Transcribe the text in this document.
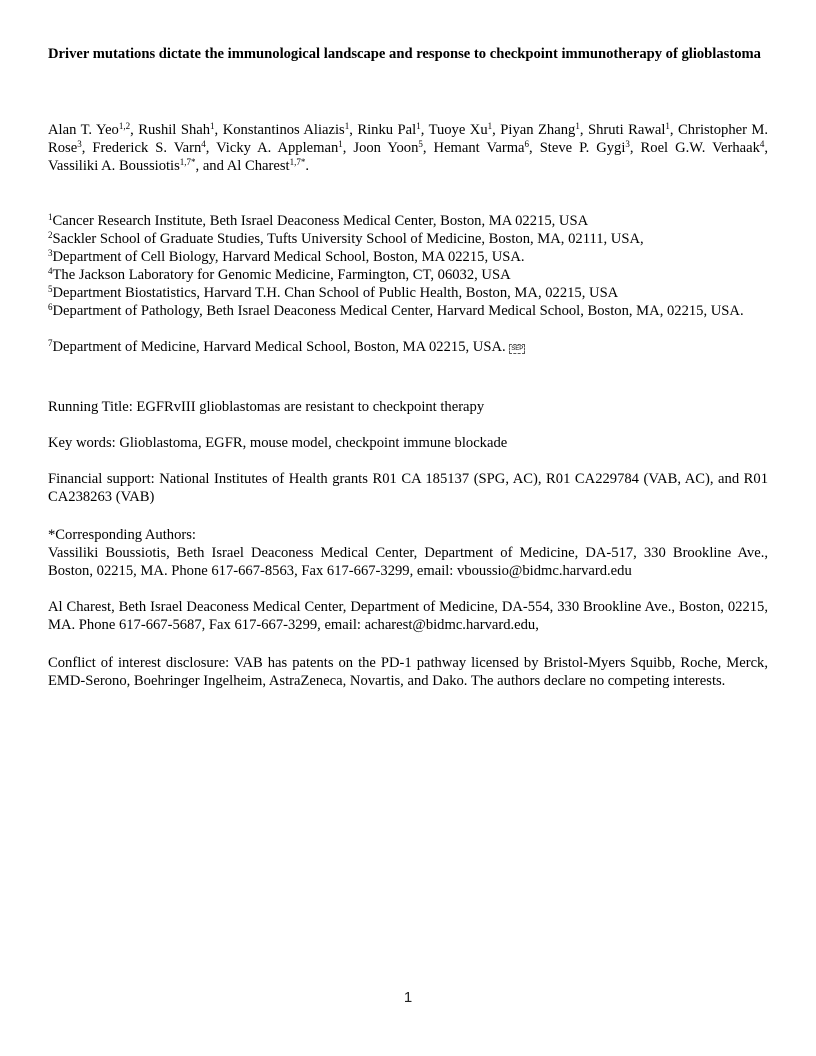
Driver mutations dictate the immunological landscape and response to checkpoint immunotherapy of glioblastoma
Alan T. Yeo$^{1,2}$, Rushil Shah$^1$, Konstantinos Aliazis$^1$, Rinku Pal$^1$, Tuoye Xu$^1$, Piyan Zhang$^1$, Shruti Rawal$^1$, Christopher M. Rose$^3$, Frederick S. Varn$^4$, Vicky A. Appleman$^1$, Joon Yoon$^5$, Hemant Varma$^6$, Steve P. Gygi$^3$, Roel G.W. Verhaak$^4$, Vassiliki A. Boussiotis$^{1,7*}$, and Al Charest$^{1,7*}$.
$^1$Cancer Research Institute, Beth Israel Deaconess Medical Center, Boston, MA 02215, USA
$^2$Sackler School of Graduate Studies, Tufts University School of Medicine, Boston, MA, 02111, USA,
$^3$Department of Cell Biology, Harvard Medical School, Boston, MA 02215, USA.
$^4$The Jackson Laboratory for Genomic Medicine, Farmington, CT, 06032, USA
$^5$Department Biostatistics, Harvard T.H. Chan School of Public Health, Boston, MA, 02215, USA
$^6$Department of Pathology, Beth Israel Deaconess Medical Center, Harvard Medical School, Boston, MA, 02215, USA.
$^7$Department of Medicine, Harvard Medical School, Boston, MA 02215, USA. SEP
Running Title: EGFRvIII glioblastomas are resistant to checkpoint therapy
Key words: Glioblastoma, EGFR, mouse model, checkpoint immune blockade
Financial support: National Institutes of Health grants R01 CA 185137 (SPG, AC), R01 CA229784 (VAB, AC), and R01 CA238263 (VAB)
*Corresponding Authors:
Vassiliki Boussiotis, Beth Israel Deaconess Medical Center, Department of Medicine, DA-517, 330 Brookline Ave., Boston, 02215, MA. Phone 617-667-8563, Fax 617-667-3299, email: vboussio@bidmc.harvard.edu
Al Charest, Beth Israel Deaconess Medical Center, Department of Medicine, DA-554, 330 Brookline Ave., Boston, 02215, MA. Phone 617-667-5687, Fax 617-667-3299, email: acharest@bidmc.harvard.edu,
Conflict of interest disclosure: VAB has patents on the PD-1 pathway licensed by Bristol-Myers Squibb, Roche, Merck, EMD-Serono, Boehringer Ingelheim, AstraZeneca, Novartis, and Dako. The authors declare no competing interests.
1
